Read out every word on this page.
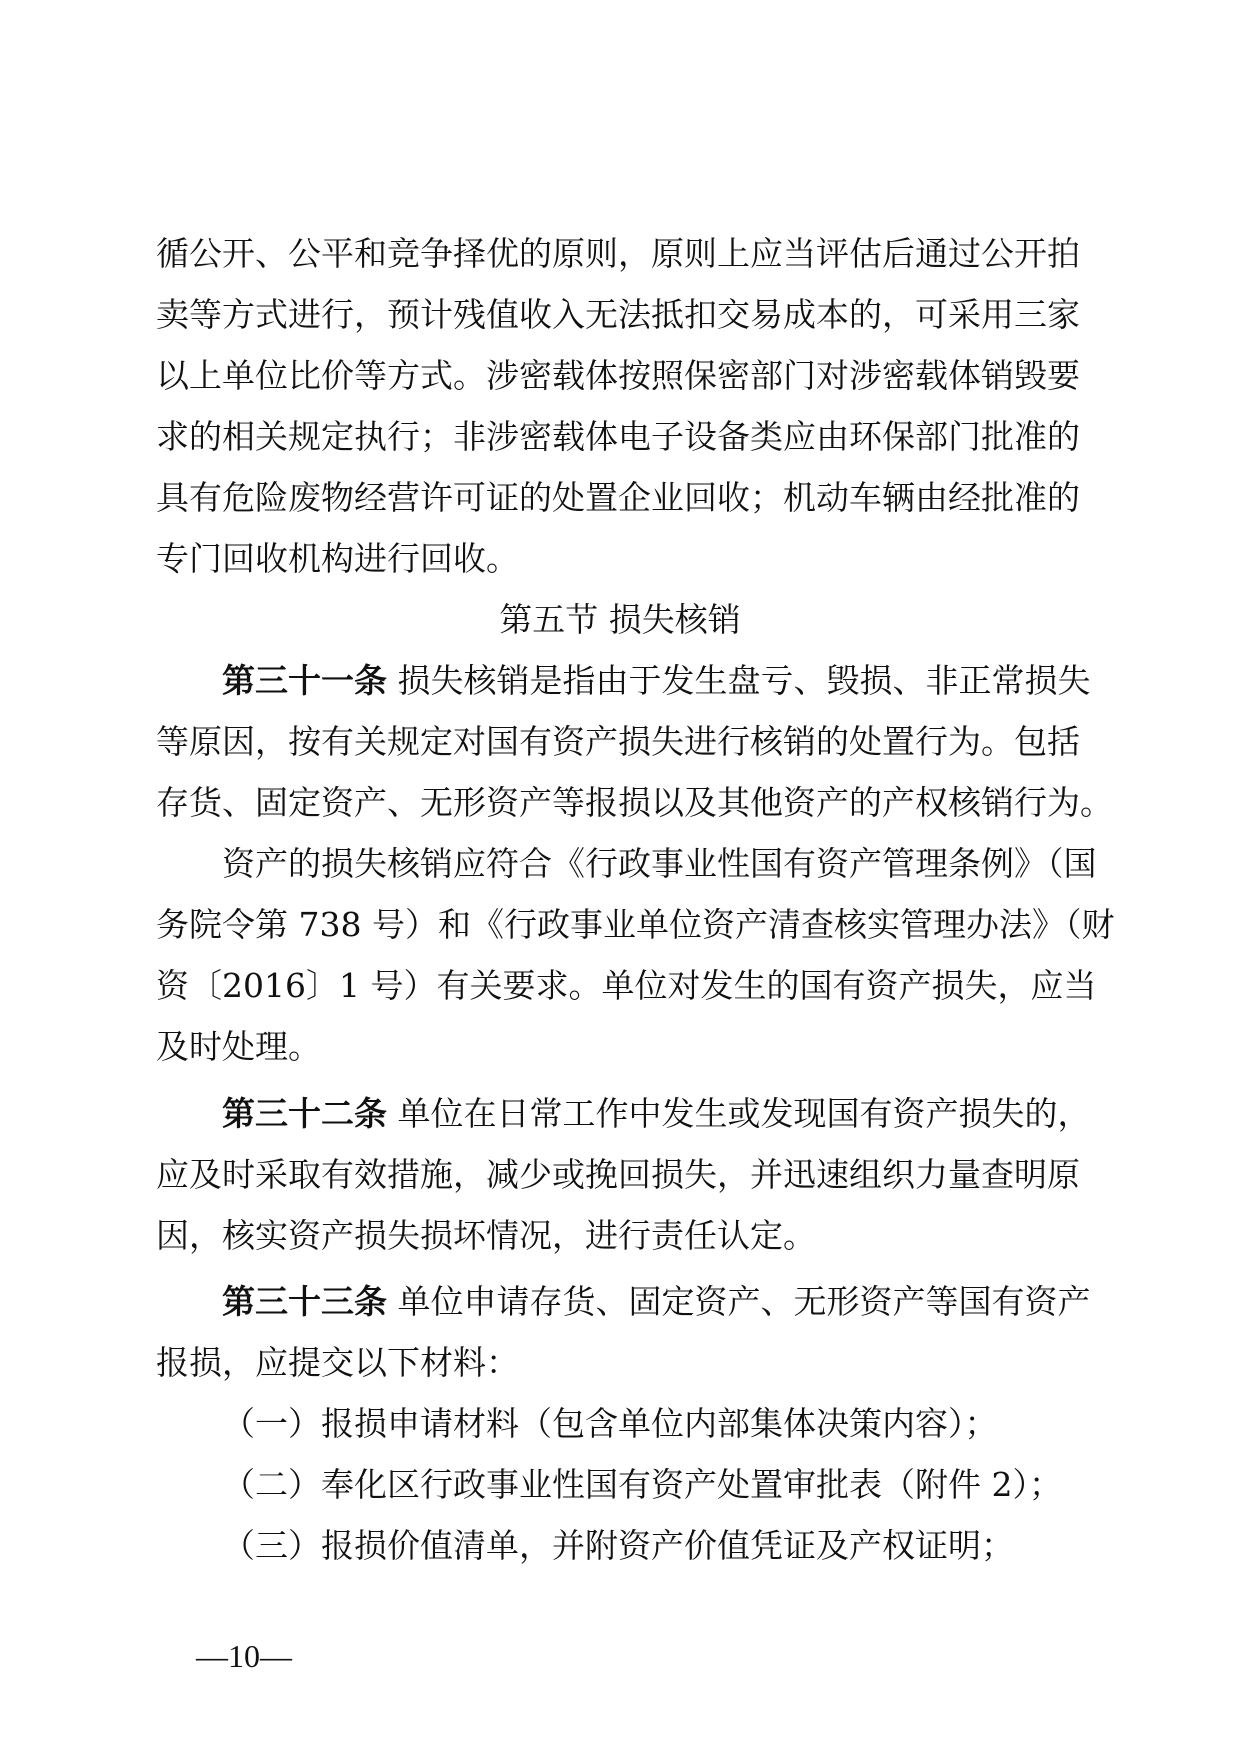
循公开、公平和竞争择优的原则，原则上应当评估后通过公开拍
卖等方式进行，预计残值收入无法抵扣交易成本的，可采用三家
以上单位比价等方式。涉密载体按照保密部门对涉密载体销毁要
求的相关规定执行；非涉密载体电子设备类应由环保部门批准的
具有危险废物经营许可证的处置企业回收；机动车辆由经批准的
专门回收机构进行回收。
第五节 损失核销
第三十一条 损失核销是指由于发生盘亏、毁损、非正常损失
等原因，按有关规定对国有资产损失进行核销的处置行为。包括
存货、固定资产、无形资产等报损以及其他资产的产权核销行为。
资产的损失核销应符合《行政事业性国有资产管理条例》（国
务院令第 738 号）和《行政事业单位资产清查核实管理办法》（财
资〔2016〕1 号）有关要求。单位对发生的国有资产损失，应当
及时处理。
第三十二条 单位在日常工作中发生或发现国有资产损失的，
应及时采取有效措施，减少或挽回损失，并迅速组织力量查明原
因，核实资产损失损坏情况，进行责任认定。
第三十三条 单位申请存货、固定资产、无形资产等国有资产
报损，应提交以下材料：
（一）报损申请材料（包含单位内部集体决策内容）；
（二）奉化区行政事业性国有资产处置审批表（附件 2）；
（三）报损价值清单，并附资产价值凭证及产权证明；
—10—
